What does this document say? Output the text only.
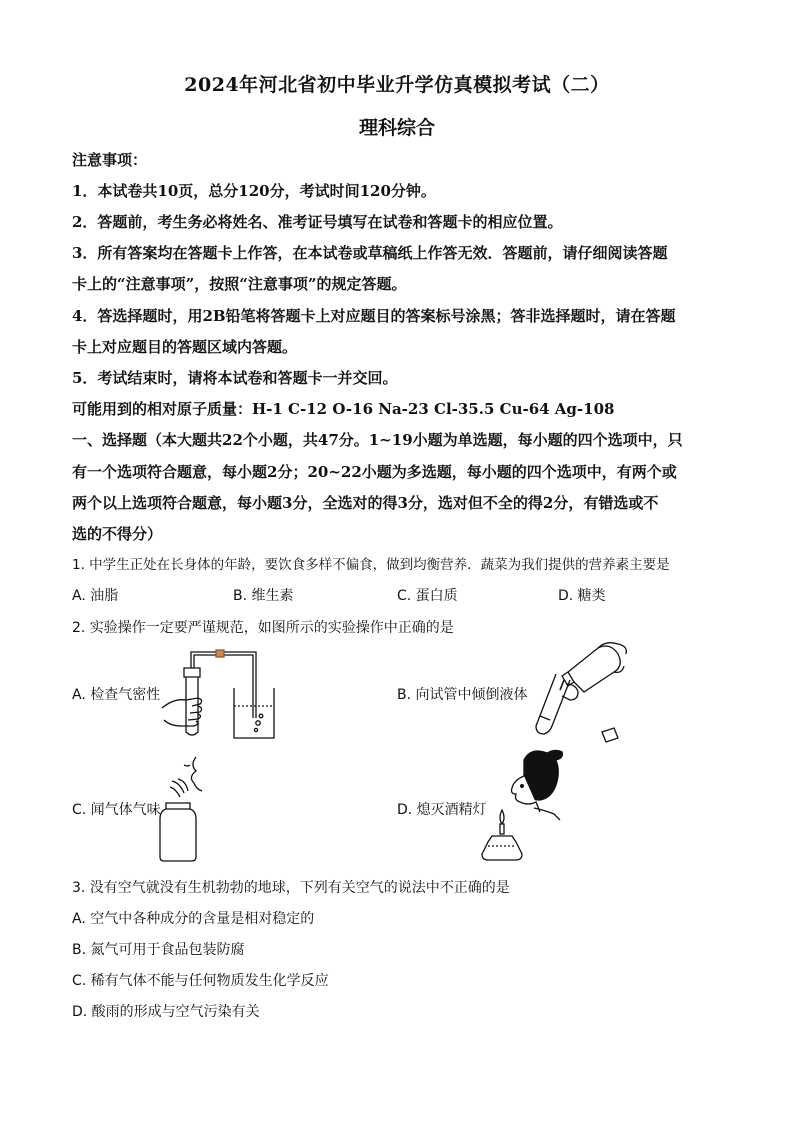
2024年河北省初中毕业升学仿真模拟考试（二）
理科综合
注意事项：
1．本试卷共10页，总分120分，考试时间120分钟。
2．答题前，考生务必将姓名、准考证号填写在试卷和答题卡的相应位置。
3．所有答案均在答题卡上作答，在本试卷或草稿纸上作答无效．答题前，请仔细阅读答题
卡上的“注意事项”，按照“注意事项”的规定答题。
4．答选择题时，用2B铅笔将答题卡上对应题目的答案标号涂黑；答非选择题时，请在答题
卡上对应题目的答题区域内答题。
5．考试结束时，请将本试卷和答题卡一并交回。
可能用到的相对原子质量：H-1 C-12 O-16 Na-23 Cl-35.5 Cu-64 Ag-108
一、选择题（本大题共22个小题，共47分。1~19小题为单选题，每小题的四个选项中，只
有一个选项符合题意，每小题2分；20~22小题为多选题，每小题的四个选项中，有两个或
两个以上选项符合题意，每小题3分，全选对的得3分，选对但不全的得2分，有错选或不
选的不得分）
1. 中学生正处在长身体的年龄，要饮食多样不偏食，做到均衡营养．蔬菜为我们提供的营养素主要是
A. 油脂	B. 维生素	C. 蛋白质	D. 糖类
2. 实验操作一定要严谨规范，如图所示的实验操作中正确的是
A. 检查气密性	B. 向试管中倾倒液体
C. 闻气体气味	D. 熄灭酒精灯
3. 没有空气就没有生机勃勃的地球，下列有关空气的说法中不正确的是
A. 空气中各种成分的含量是相对稳定的
B. 氮气可用于食品包装防腐
C. 稀有气体不能与任何物质发生化学反应
D. 酸雨的形成与空气污染有关
